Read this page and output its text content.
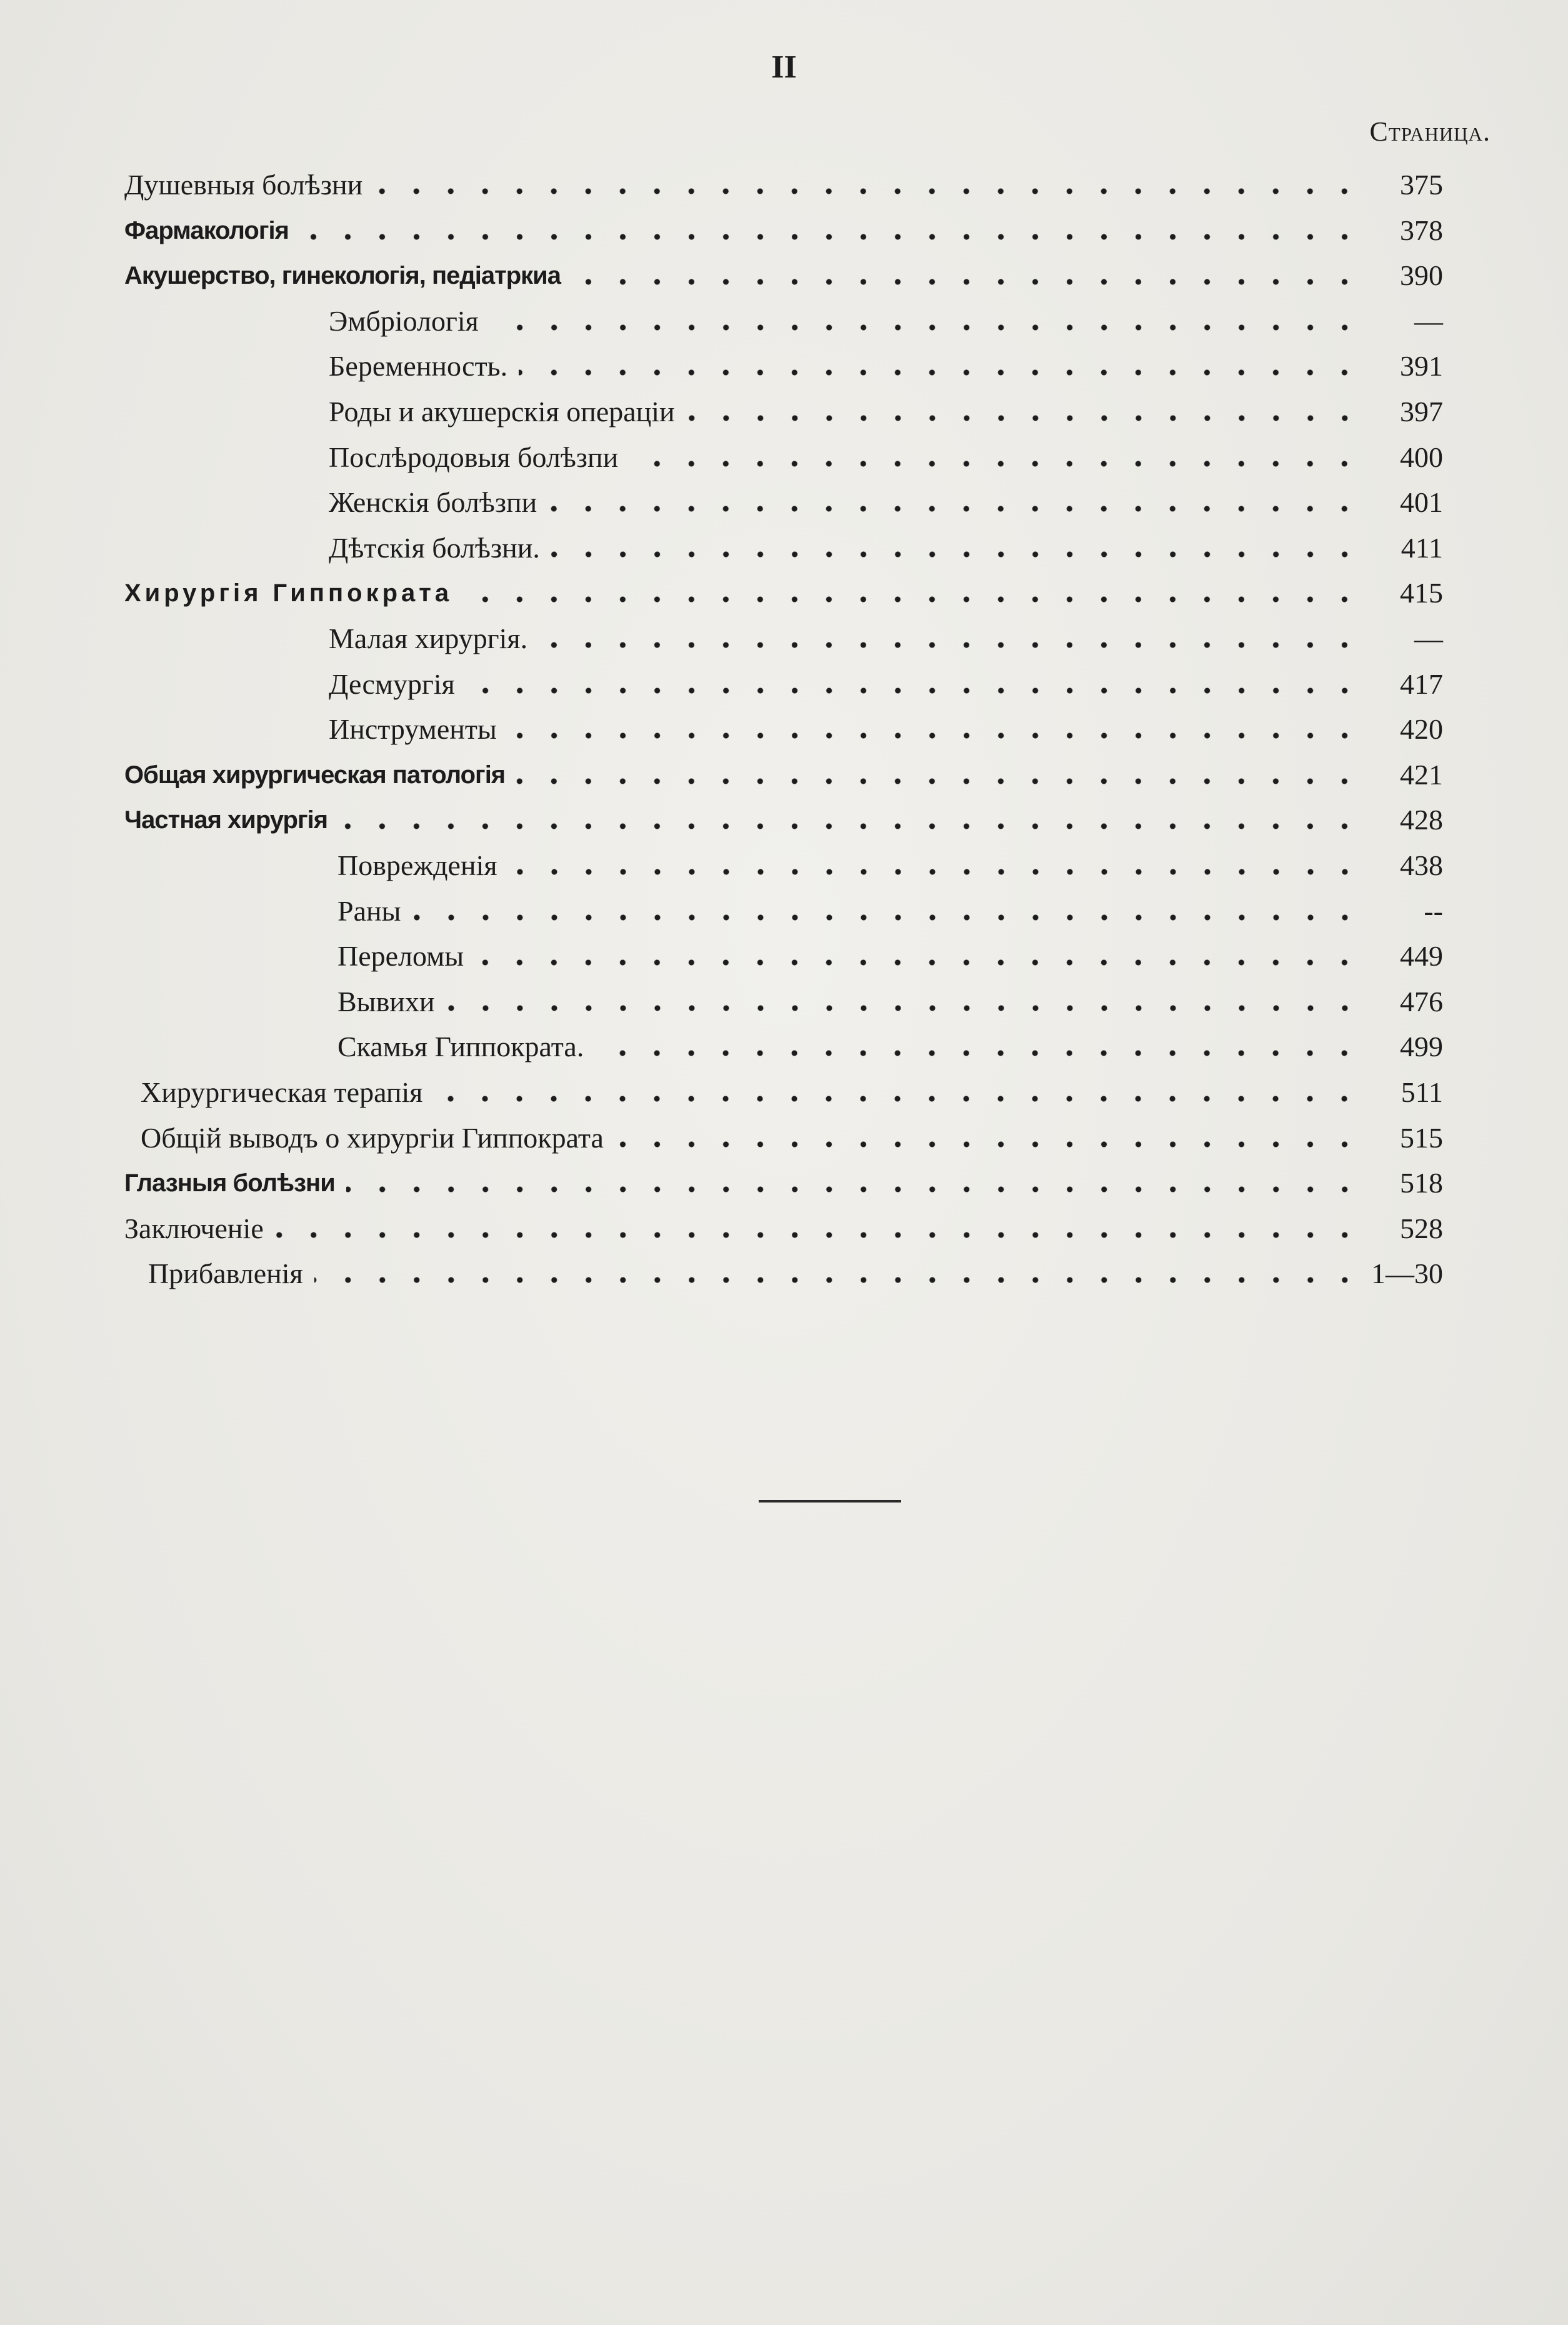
II
Страница.
Душевныя болѣзни	375
Фармакологія	378
Акушерство, гинекологія, педіатркиа	390
Эмбріологія	—
Беременность.	391
Роды и акушерскія операціи	397
Послѣродовыя болѣзпи	400
Женскія болѣзпи	401
Дѣтскія болѣзни.	411
Хирургія Гиппократа	415
Малая хирургія.	—
Десмургія	417
Инструменты	420
Общая хирургическая патологія	421
Частная хирургія	428
Поврежденія	438
Раны	--
Переломы	449
Вывихи	476
Скамья Гиппократа.	499
Хирургическая терапія	511
Общій выводъ о хирургіи Гиппократа	515
Глазныя болѣзни	518
Заключеніе	528
Прибавленія	1—30
